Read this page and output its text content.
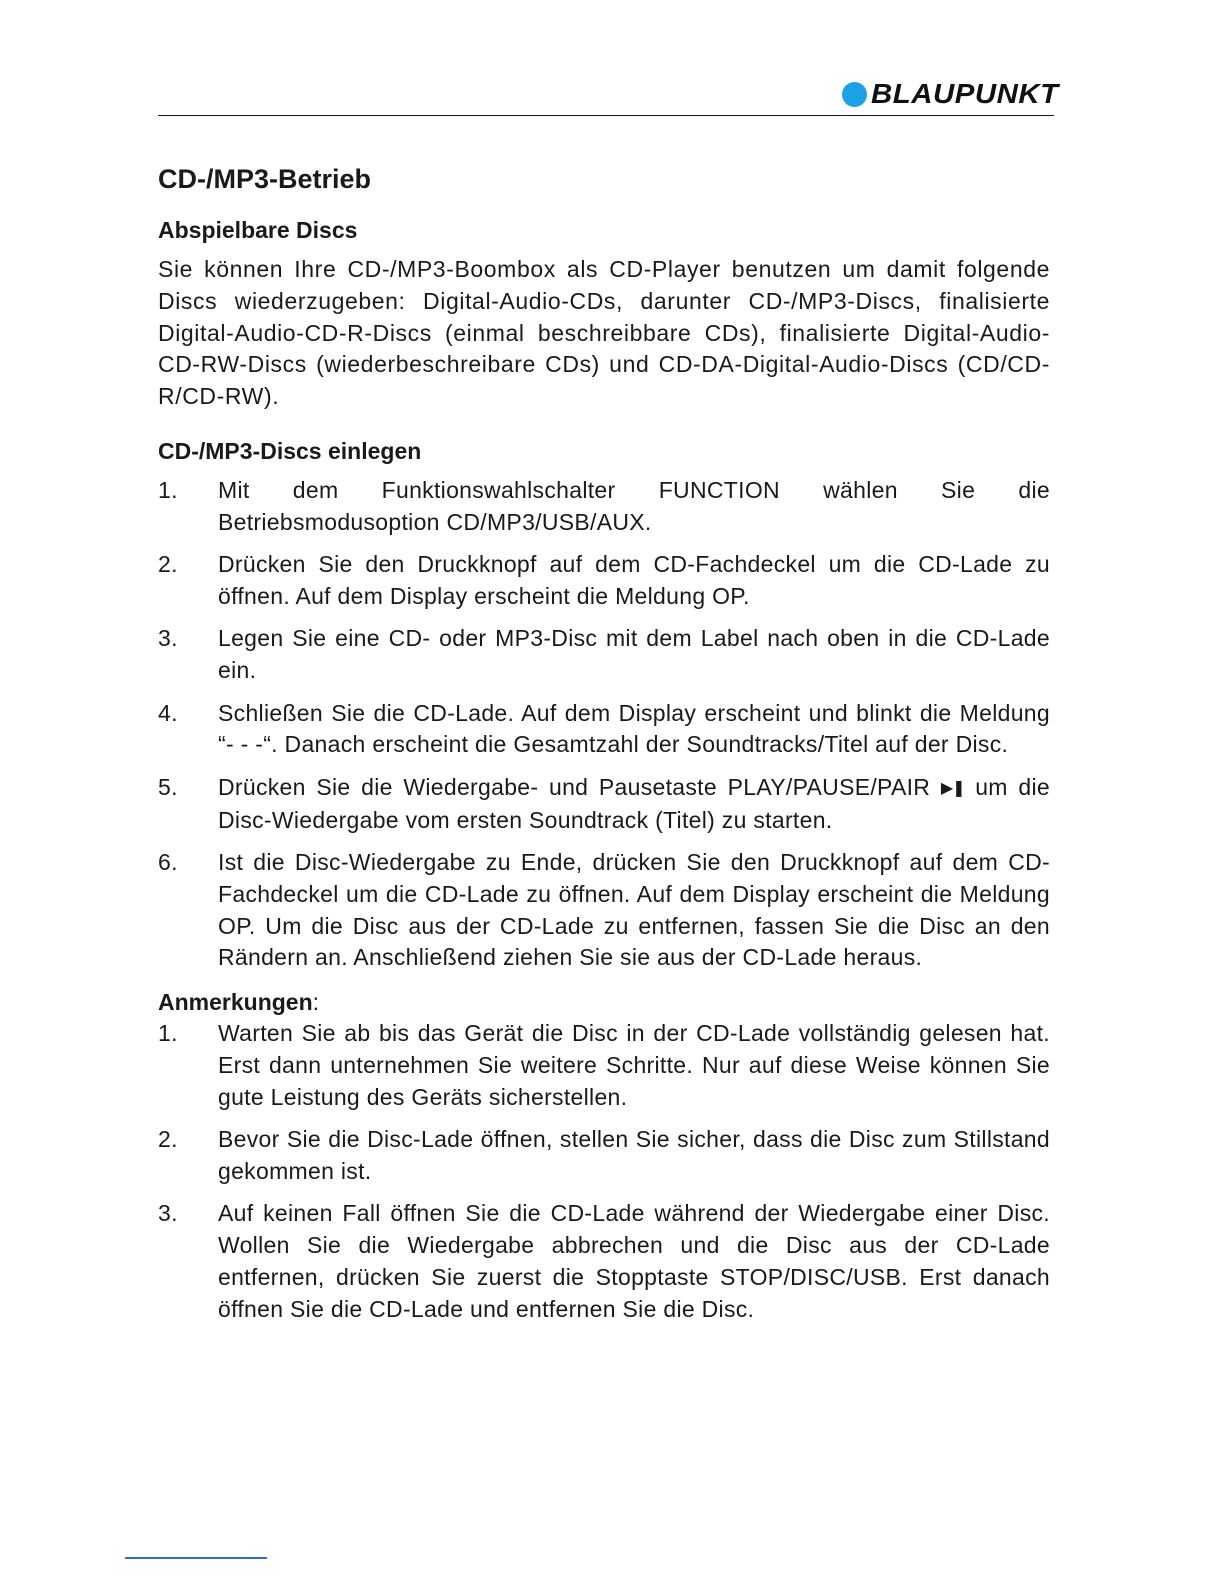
BLAUPUNKT
CD-/MP3-Betrieb
Abspielbare Discs

Sie können Ihre CD-/MP3-Boombox als CD-Player benutzen um damit folgende Discs wiederzugeben: Digital-Audio-CDs, darunter CD-/MP3-Discs, finalisierte Digital-Audio-CD-R-Discs (einmal beschreibbare CDs), finalisierte Digital-Audio-CD-RW-Discs (wiederbeschreibare CDs) und CD-DA-Digital-Audio-Discs (CD/CD-R/CD-RW).

CD-/MP3-Discs einlegen
1. Mit dem Funktionswahlschalter FUNCTION wählen Sie die Betriebsmodusoption CD/MP3/USB/AUX.
2. Drücken Sie den Druckknopf auf dem CD-Fachdeckel um die CD-Lade zu öffnen. Auf dem Display erscheint die Meldung OP.
3. Legen Sie eine CD- oder MP3-Disc mit dem Label nach oben in die CD-Lade ein.
4. Schließen Sie die CD-Lade. Auf dem Display erscheint und blinkt die Meldung “- - -“. Danach erscheint die Gesamtzahl der Soundtracks/Titel auf der Disc.
5. Drücken Sie die Wiedergabe- und Pausetaste PLAY/PAUSE/PAIR ▶❚ um die Disc-Wiedergabe vom ersten Soundtrack (Titel) zu starten.
6. Ist die Disc-Wiedergabe zu Ende, drücken Sie den Druckknopf auf dem CD-Fachdeckel um die CD-Lade zu öffnen. Auf dem Display erscheint die Meldung OP. Um die Disc aus der CD-Lade zu entfernen, fassen Sie die Disc an den Rändern an. Anschließend ziehen Sie sie aus der CD-Lade heraus.
Anmerkungen:
1. Warten Sie ab bis das Gerät die Disc in der CD-Lade vollständig gelesen hat. Erst dann unternehmen Sie weitere Schritte. Nur auf diese Weise können Sie gute Leistung des Geräts sicherstellen.
2. Bevor Sie die Disc-Lade öffnen, stellen Sie sicher, dass die Disc zum Stillstand gekommen ist.
3. Auf keinen Fall öffnen Sie die CD-Lade während der Wiedergabe einer Disc. Wollen Sie die Wiedergabe abbrechen und die Disc aus der CD-Lade entfernen, drücken Sie zuerst die Stopptaste STOP/DISC/USB. Erst danach öffnen Sie die CD-Lade und entfernen Sie die Disc.
